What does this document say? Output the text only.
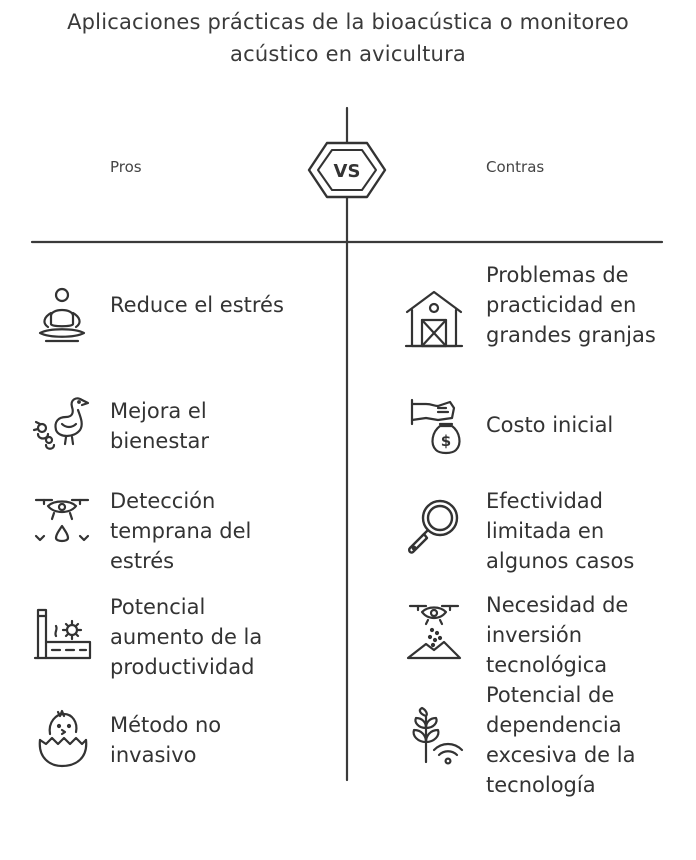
Aplicaciones prácticas de la bioacústica o monitoreo
acústico en avicultura
VS
Pros	Contras
Reduce el estrés
Mejora el bienestar
Detección temprana del estrés
Potencial aumento de la productividad
Método no invasivo
Problemas de practicidad en grandes granjas
$
Costo inicial
Efectividad limitada en algunos casos
Necesidad de inversión tecnológica
Potencial de dependencia excesiva de la tecnología
